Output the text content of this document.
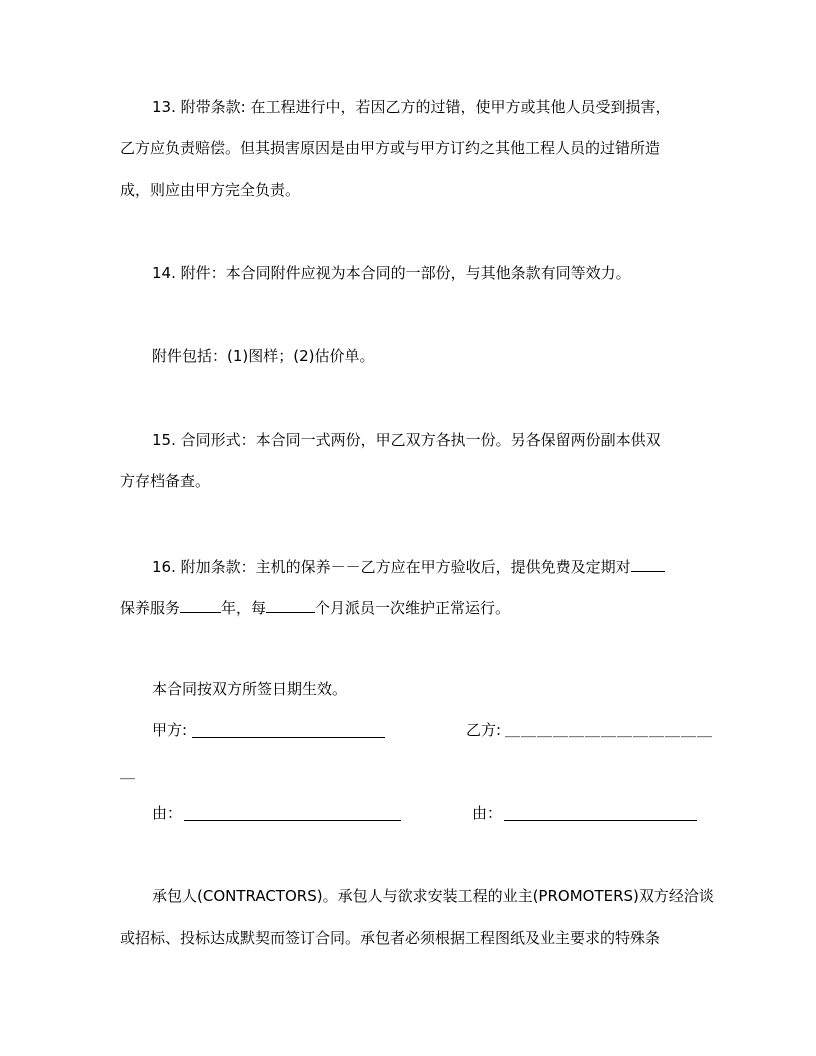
13. 附带条款: 在工程进行中，若因乙方的过错，使甲方或其他人员受到损害，
乙方应负责赔偿。但其损害原因是由甲方或与甲方订约之其他工程人员的过错所造
成，则应由甲方完全负责。
14. 附件：本合同附件应视为本合同的一部份，与其他条款有同等效力。
附件包括：(1)图样；(2)估价单。
15. 合同形式：本合同一式两份，甲乙双方各执一份。另各保留两份副本供双
方存档备查。
16. 附加条款：主机的保养－－乙方应在甲方验收后，提供免费及定期对
保养服务	年，每	个月派员一次维护正常运行。
本合同按双方所签日期生效。
甲方:	乙方: ＿＿＿＿＿＿＿＿＿＿＿＿＿
＿
由：	由：
承包人(CONTRACTORS)。承包人与欲求安装工程的业主(PROMOTERS)双方经洽谈
或招标、投标达成默契而签订合同。承包者必须根据工程图纸及业主要求的特殊条
